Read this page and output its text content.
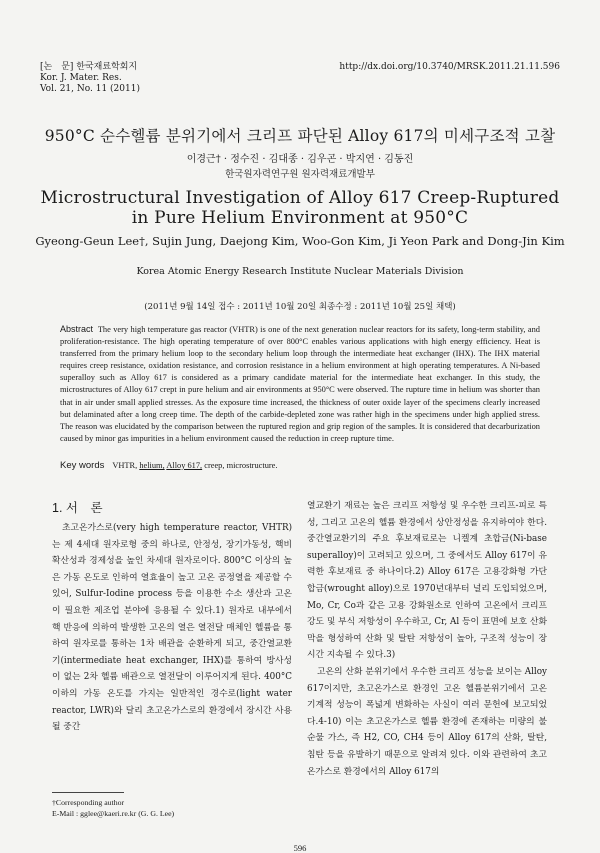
[논　문] 한국재료학회지
Kor. J. Mater. Res.
Vol. 21, No. 11 (2011)
http://dx.doi.org/10.3740/MRSK.2011.21.11.596
950°C 순수헬륨 분위기에서 크리프 파단된 Alloy 617의 미세구조적 고찰
이경근† · 정수진 · 김대종 · 김우곤 · 박지연 · 김동진
한국원자력연구원 원자력재료개발부
Microstructural Investigation of Alloy 617 Creep-Ruptured in Pure Helium Environment at 950°C
Gyeong-Geun Lee†, Sujin Jung, Daejong Kim, Woo-Gon Kim, Ji Yeon Park and Dong-Jin Kim
Korea Atomic Energy Research Institute Nuclear Materials Division
(2011년 9월 14일 접수 : 2011년 10월 20일 최종수정 : 2011년 10월 25일 채택)
Abstract The very high temperature gas reactor (VHTR) is one of the next generation nuclear reactors for its safety, long-term stability, and proliferation-resistance. The high operating temperature of over 800°C enables various applications with high energy efficiency. Heat is transferred from the primary helium loop to the secondary helium loop through the intermediate heat exchanger (IHX). The IHX material requires creep resistance, oxidation resistance, and corrosion resistance in a helium environment at high operating temperatures. A Ni-based superalloy such as Alloy 617 is considered as a primary candidate material for the intermediate heat exchanger. In this study, the microstructures of Alloy 617 crept in pure helium and air environments at 950°C were observed. The rupture time in helium was shorter than that in air under small applied stresses. As the exposure time increased, the thickness of outer oxide layer of the specimens clearly increased but delaminated after a long creep time. The depth of the carbide-depleted zone was rather high in the specimens under high applied stress. The reason was elucidated by the comparison between the ruptured region and grip region of the samples. It is considered that decarburization caused by minor gas impurities in a helium environment caused the reduction in creep rupture time.
Key words VHTR, helium, Alloy 617, creep, microstructure.
1. 서　론

초고온가스로(very high temperature reactor, VHTR)는 제 4세대 원자로형 중의 하나로, 안정성, 장기가동성, 핵비확산성과 경제성을 높인 차세대 원자로이다. 800°C 이상의 높은 가동 온도로 인하여 열효율이 높고 고온 공정열을 제공할 수 있어, Sulfur-Iodine process 등을 이용한 수소 생산과 고온이 필요한 제조업 분야에 응용될 수 있다.1) 원자로 내부에서 핵 반응에 의하여 발생한 고온의 열은 열전달 매체인 헬륨을 통하여 원자로를 통하는 1차 배관을 순환하게 되고, 중간열교환기(intermediate heat exchanger, IHX)를 통하여 방사성이 없는 2차 헬륨 배관으로 열전달이 이루어지게 된다. 400°C 이하의 가동 온도를 가지는 일반적인 경수로(light water reactor, LWR)와 달리 초고온가스로의 환경에서 장시간 사용될 중간

열교환기 재료는 높은 크리프 저항성 및 우수한 크리프-피로 특성, 그리고 고온의 헬륨 환경에서 상안정성을 유지하여야 한다. 중간열교환기의 주요 후보재료로는 니켈계 초합금(Ni-base superalloy)이 고려되고 있으며, 그 중에서도 Alloy 617이 유력한 후보재료 중 하나이다.2) Alloy 617은 고용강화형 가단합금(wrought alloy)으로 1970년대부터 널리 도입되었으며, Mo, Cr, Co과 같은 고용 강화원소로 인하여 고온에서 크리프 강도 및 부식 저항성이 우수하고, Cr, Al 등이 표면에 보호 산화막을 형성하여 산화 및 탈탄 저항성이 높아, 구조적 성능이 장시간 지속될 수 있다.3)

고온의 산화 분위기에서 우수한 크리프 성능을 보이는 Alloy 617이지만, 초고온가스로 환경인 고온 헬륨분위기에서 고온 기계적 성능이 폭넓게 변화하는 사실이 여러 문헌에 보고되었다.4-10) 이는 초고온가스로 헬륨 환경에 존재하는 미량의 불순물 가스, 즉 H2, CO, CH4 등이 Alloy 617의 산화, 탈탄, 침탄 등을 유발하기 때문으로 알려져 있다. 이와 관련하여 초고온가스로 환경에서의 Alloy 617의

†Corresponding author
E-Mail : gglee@kaeri.re.kr (G. G. Lee)
596
